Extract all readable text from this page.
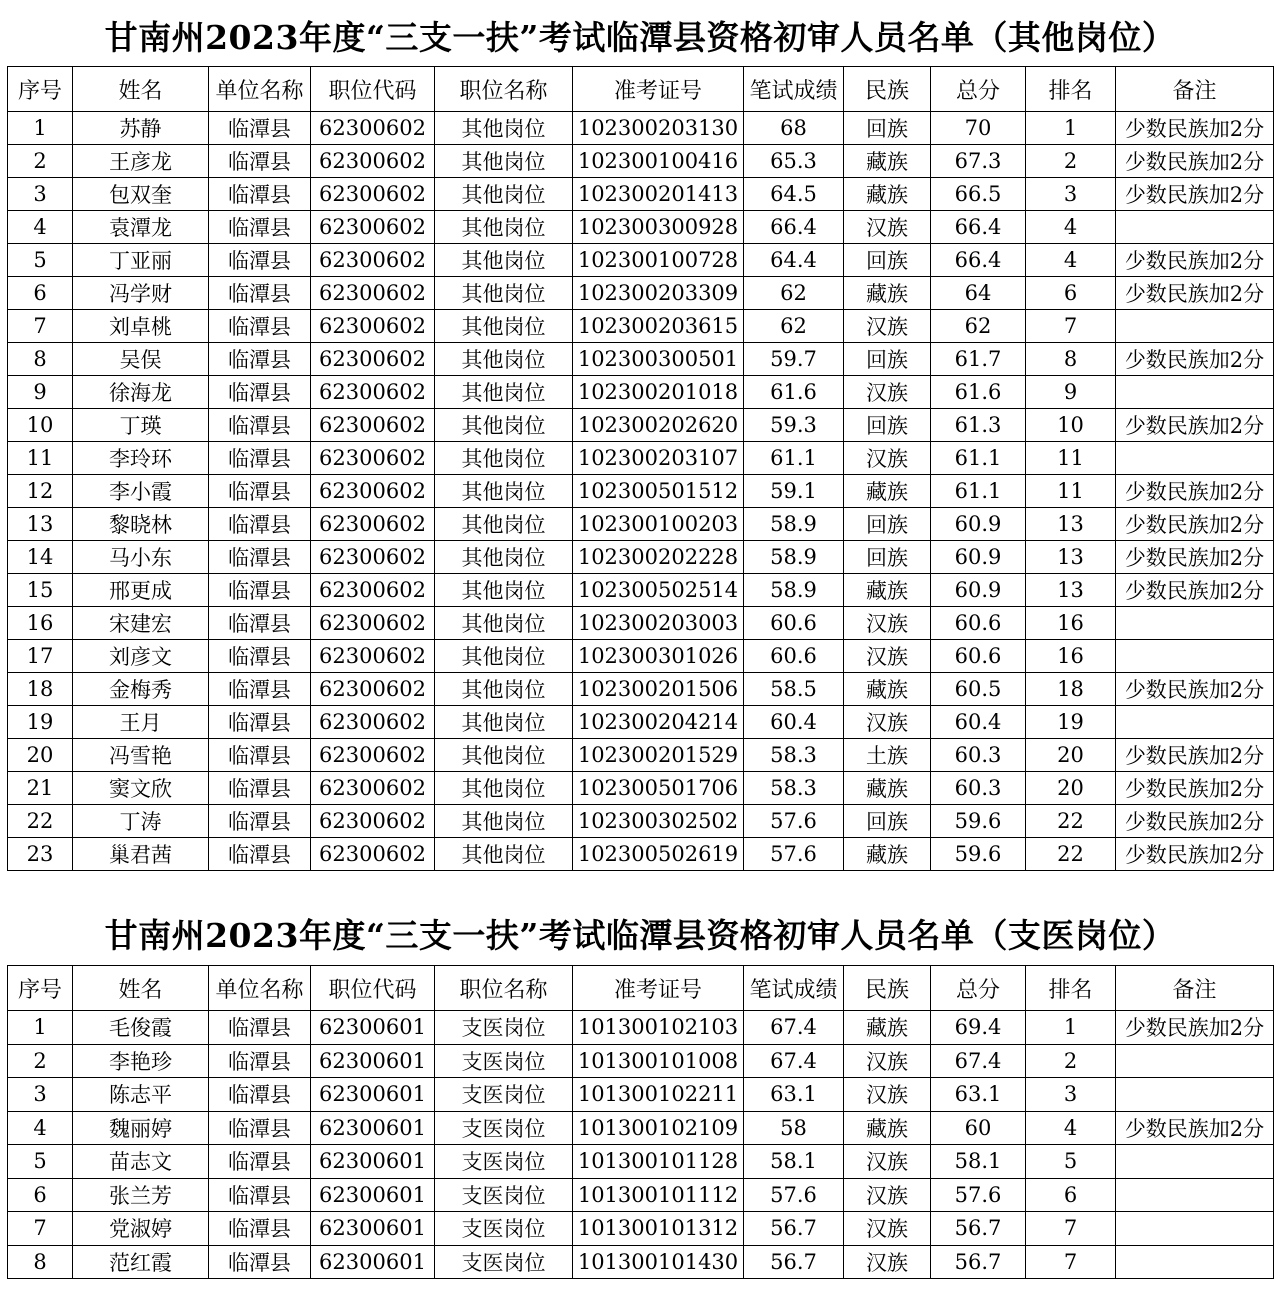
甘南州2023年度“三支一扶”考试临潭县资格初审人员名单（其他岗位）
序号	姓名	单位名称	职位代码	职位名称	准考证号	笔试成绩	民族	总分	排名	备注
1	苏静	临潭县	62300602	其他岗位	102300203130	68	回族	70	1	少数民族加2分
2	王彦龙	临潭县	62300602	其他岗位	102300100416	65.3	藏族	67.3	2	少数民族加2分
3	包双奎	临潭县	62300602	其他岗位	102300201413	64.5	藏族	66.5	3	少数民族加2分
4	袁潭龙	临潭县	62300602	其他岗位	102300300928	66.4	汉族	66.4	4	
5	丁亚丽	临潭县	62300602	其他岗位	102300100728	64.4	回族	66.4	4	少数民族加2分
6	冯学财	临潭县	62300602	其他岗位	102300203309	62	藏族	64	6	少数民族加2分
7	刘卓桃	临潭县	62300602	其他岗位	102300203615	62	汉族	62	7	
8	吴俣	临潭县	62300602	其他岗位	102300300501	59.7	回族	61.7	8	少数民族加2分
9	徐海龙	临潭县	62300602	其他岗位	102300201018	61.6	汉族	61.6	9	
10	丁瑛	临潭县	62300602	其他岗位	102300202620	59.3	回族	61.3	10	少数民族加2分
11	李玲环	临潭县	62300602	其他岗位	102300203107	61.1	汉族	61.1	11	
12	李小霞	临潭县	62300602	其他岗位	102300501512	59.1	藏族	61.1	11	少数民族加2分
13	黎晓林	临潭县	62300602	其他岗位	102300100203	58.9	回族	60.9	13	少数民族加2分
14	马小东	临潭县	62300602	其他岗位	102300202228	58.9	回族	60.9	13	少数民族加2分
15	邢更成	临潭县	62300602	其他岗位	102300502514	58.9	藏族	60.9	13	少数民族加2分
16	宋建宏	临潭县	62300602	其他岗位	102300203003	60.6	汉族	60.6	16	
17	刘彦文	临潭县	62300602	其他岗位	102300301026	60.6	汉族	60.6	16	
18	金梅秀	临潭县	62300602	其他岗位	102300201506	58.5	藏族	60.5	18	少数民族加2分
19	王月	临潭县	62300602	其他岗位	102300204214	60.4	汉族	60.4	19	
20	冯雪艳	临潭县	62300602	其他岗位	102300201529	58.3	土族	60.3	20	少数民族加2分
21	窦文欣	临潭县	62300602	其他岗位	102300501706	58.3	藏族	60.3	20	少数民族加2分
22	丁涛	临潭县	62300602	其他岗位	102300302502	57.6	回族	59.6	22	少数民族加2分
23	巢君茜	临潭县	62300602	其他岗位	102300502619	57.6	藏族	59.6	22	少数民族加2分
甘南州2023年度“三支一扶”考试临潭县资格初审人员名单（支医岗位）
序号	姓名	单位名称	职位代码	职位名称	准考证号	笔试成绩	民族	总分	排名	备注
1	毛俊霞	临潭县	62300601	支医岗位	101300102103	67.4	藏族	69.4	1	少数民族加2分
2	李艳珍	临潭县	62300601	支医岗位	101300101008	67.4	汉族	67.4	2	
3	陈志平	临潭县	62300601	支医岗位	101300102211	63.1	汉族	63.1	3	
4	魏丽婷	临潭县	62300601	支医岗位	101300102109	58	藏族	60	4	少数民族加2分
5	苗志文	临潭县	62300601	支医岗位	101300101128	58.1	汉族	58.1	5	
6	张兰芳	临潭县	62300601	支医岗位	101300101112	57.6	汉族	57.6	6	
7	党淑婷	临潭县	62300601	支医岗位	101300101312	56.7	汉族	56.7	7	
8	范红霞	临潭县	62300601	支医岗位	101300101430	56.7	汉族	56.7	7	
